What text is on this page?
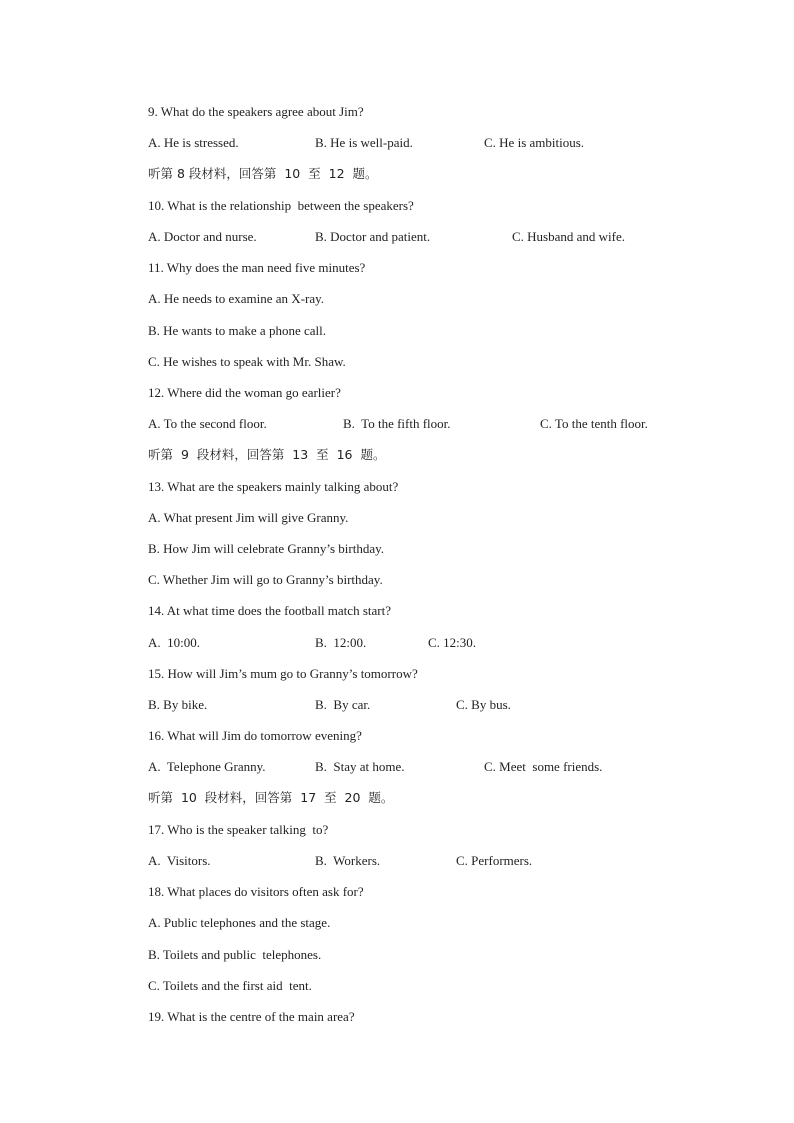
9. What do the speakers agree about Jim?
A. He is stressed.	B. He is well-paid.	C. He is ambitious.
听第 8 段材料，回答第  10  至  12  题。
10. What is the relationship  between the speakers?
A. Doctor and nurse.	B. Doctor and patient.	C. Husband and wife.
11. Why does the man need five minutes?
A. He needs to examine an X-ray.
B. He wants to make a phone call.
C. He wishes to speak with Mr. Shaw.
12. Where did the woman go earlier?
A. To the second floor.	B.  To the fifth floor.	C. To the tenth floor.
听第  9  段材料，回答第  13  至  16  题。
13. What are the speakers mainly talking about?
A. What present Jim will give Granny.
B. How Jim will celebrate Granny’s birthday.
C. Whether Jim will go to Granny’s birthday.
14. At what time does the football match start?
A.  10:00.	B.  12:00.	C. 12:30.
15. How will Jim’s mum go to Granny’s tomorrow?
B. By bike.	B.  By car.	C. By bus.
16. What will Jim do tomorrow evening?
A.  Telephone Granny.	B.  Stay at home.	C. Meet  some friends.
听第  10  段材料，回答第  17  至  20  题。
17. Who is the speaker talking  to?
A.  Visitors.	B.  Workers.	C. Performers.
18. What places do visitors often ask for?
A. Public telephones and the stage.
B. Toilets and public  telephones.
C. Toilets and the first aid  tent.
19. What is the centre of the main area?
